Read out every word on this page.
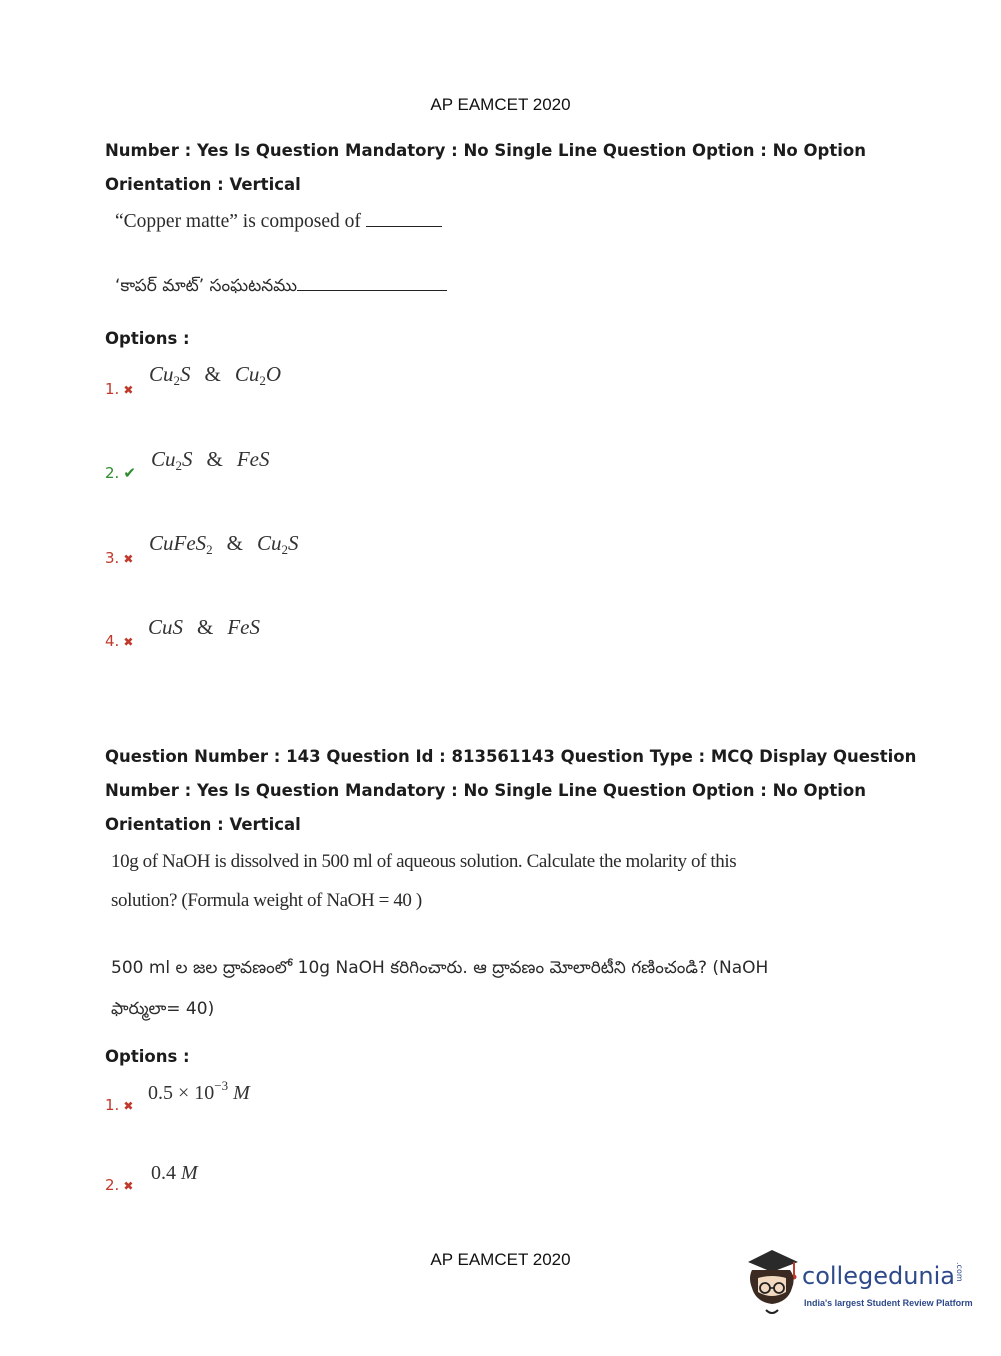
AP EAMCET 2020
Number : Yes Is Question Mandatory : No Single Line Question Option : No Option
Orientation : Vertical
“Copper matte” is composed of
‘కాపర్ మాట్’ సంఘటనము
Options :
1. ✖
$Cu_2S$ & $Cu_2O$
2. ✔
$Cu_2S$ & FeS
3. ✖
CuFeS$_2$ & $Cu_2S$
4. ✖
CuS & FeS
Question Number : 143 Question Id : 813561143 Question Type : MCQ Display Question
Number : Yes Is Question Mandatory : No Single Line Question Option : No Option
Orientation : Vertical
10g of NaOH is dissolved in 500 ml of aqueous solution. Calculate the molarity of this
solution? (Formula weight of NaOH = 40 )
500 ml ల జల ద్రావణంలో 10g NaOH కరిగించారు. ఆ ద్రావణం మోలారిటీని గణించండి? (NaOH
ఫార్ములా= 40)
Options :
1. ✖
$0.5 \times 10^{-3}$ M
2. ✖
0.4 M
AP EAMCET 2020
collegedunia.com
India's largest Student Review Platform
